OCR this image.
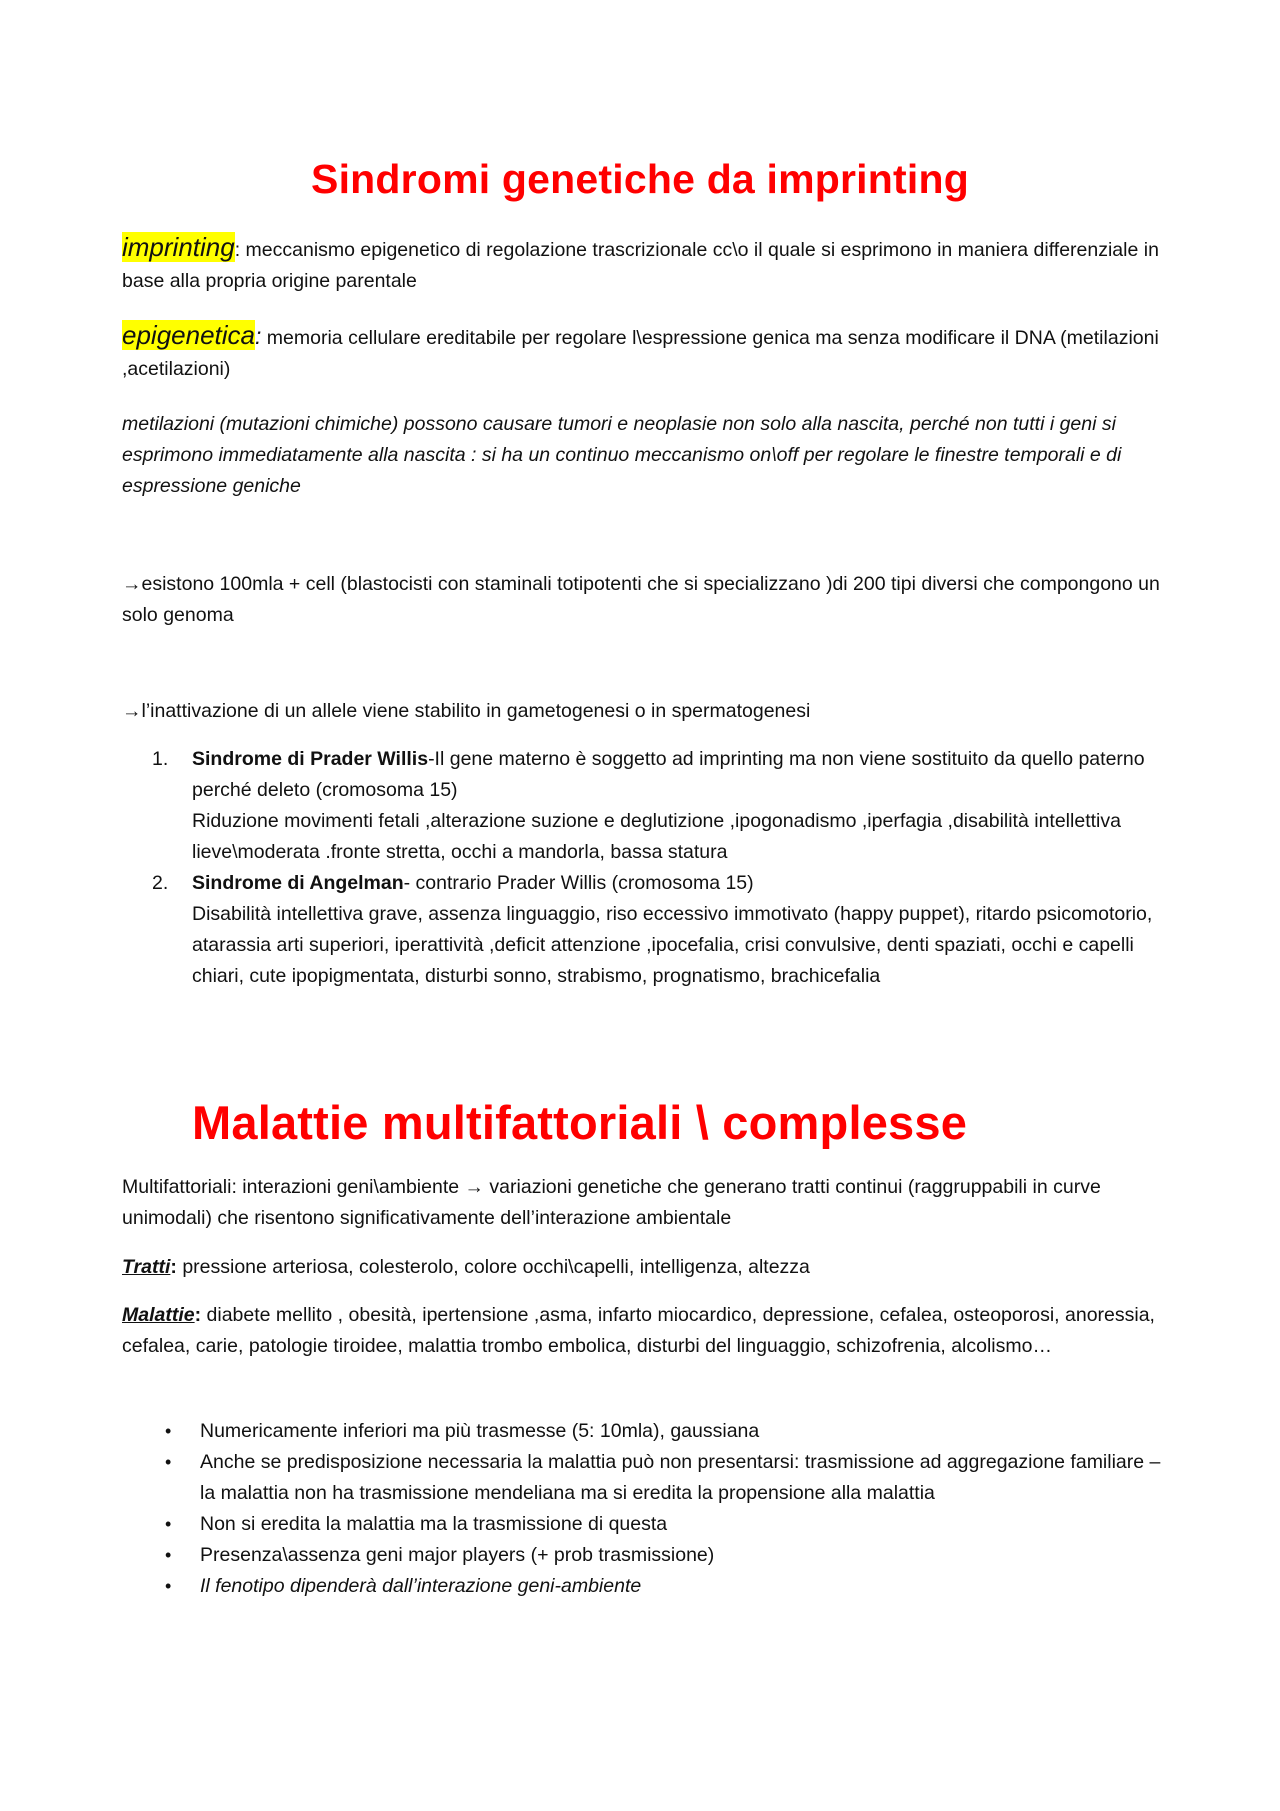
Sindromi genetiche da imprinting
imprinting: meccanismo epigenetico di regolazione trascrizionale cc\o il quale si esprimono in maniera differenziale in base alla propria origine parentale
epigenetica: memoria cellulare ereditabile per regolare l\espressione genica ma senza modificare il DNA (metilazioni ,acetilazioni)
metilazioni (mutazioni chimiche) possono causare tumori e neoplasie non solo alla nascita, perché non tutti i geni si esprimono immediatamente alla nascita : si ha un continuo meccanismo on\off per regolare le finestre temporali e di espressione geniche
→esistono 100mla + cell (blastocisti con staminali totipotenti che si specializzano )di 200 tipi diversi che compongono un solo genoma
→l’inattivazione di un allele viene stabilito in gametogenesi o in spermatogenesi
1. Sindrome di Prader Willis-Il gene materno è soggetto ad imprinting ma non viene sostituito da quello paterno perché deleto (cromosoma 15)
Riduzione movimenti fetali ,alterazione suzione e deglutizione ,ipogonadismo ,iperfagia ,disabilità intellettiva lieve\moderata .fronte stretta, occhi a mandorla, bassa statura
2. Sindrome di Angelman- contrario Prader Willis (cromosoma 15)
Disabilità intellettiva grave, assenza linguaggio, riso eccessivo immotivato (happy puppet), ritardo psicomotorio, atarassia arti superiori, iperattività ,deficit attenzione ,ipocefalia, crisi convulsive, denti spaziati, occhi e capelli chiari, cute ipopigmentata, disturbi sonno, strabismo, prognatismo, brachicefalia
Malattie multifattoriali \ complesse
Multifattoriali: interazioni geni\ambiente → variazioni genetiche che generano tratti continui (raggruppabili in curve unimodali) che risentono significativamente dell’interazione ambientale
Tratti: pressione arteriosa, colesterolo, colore occhi\capelli, intelligenza, altezza
Malattie: diabete mellito , obesità, ipertensione ,asma, infarto miocardico, depressione, cefalea, osteoporosi, anoressia, cefalea, carie, patologie tiroidee, malattia trombo embolica, disturbi del linguaggio, schizofrenia, alcolismo…
• Numericamente inferiori ma più trasmesse (5: 10mla), gaussiana
• Anche se predisposizione necessaria la malattia può non presentarsi: trasmissione ad aggregazione familiare – la malattia non ha trasmissione mendeliana ma si eredita la propensione alla malattia
• Non si eredita la malattia ma la trasmissione di questa
• Presenza\assenza geni major players (+ prob trasmissione)
• Il fenotipo dipenderà dall’interazione geni-ambiente
